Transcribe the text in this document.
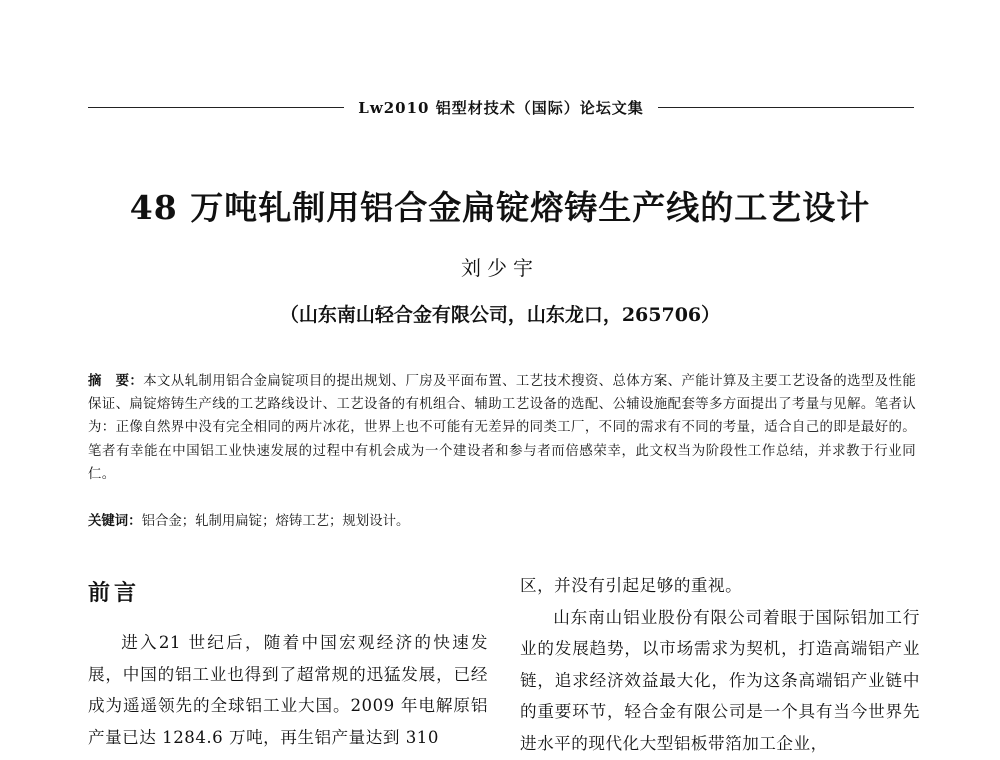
Lw2010 铝型材技术（国际）论坛文集
48 万吨轧制用铝合金扁锭熔铸生产线的工艺设计
刘少宇
（山东南山轻合金有限公司，山东龙口，265706）
摘　要：本文从轧制用铝合金扁锭项目的提出规划、厂房及平面布置、工艺技术搜资、总体方案、产能计算及主要工艺设备的选型及性能保证、扁锭熔铸生产线的工艺路线设计、工艺设备的有机组合、辅助工艺设备的选配、公辅设施配套等多方面提出了考量与见解。笔者认为：正像自然界中没有完全相同的两片冰花，世界上也不可能有无差异的同类工厂，不同的需求有不同的考量，适合自己的即是最好的。笔者有幸能在中国铝工业快速发展的过程中有机会成为一个建设者和参与者而倍感荣幸，此文权当为阶段性工作总结，并求教于行业同仁。
关键词：铝合金；轧制用扁锭；熔铸工艺；规划设计。
前言

进入21 世纪后，随着中国宏观经济的快速发展，中国的铝工业也得到了超常规的迅猛发展，已经成为遥遥领先的全球铝工业大国。2009 年电解原铝产量已达 1284.6 万吨，再生铝产量达到 310

区，并没有引起足够的重视。

山东南山铝业股份有限公司着眼于国际铝加工行业的发展趋势，以市场需求为契机，打造高端铝产业链，追求经济效益最大化，作为这条高端铝产业链中的重要环节，轻合金有限公司是一个具有当今世界先进水平的现代化大型铝板带箔加工企业，
